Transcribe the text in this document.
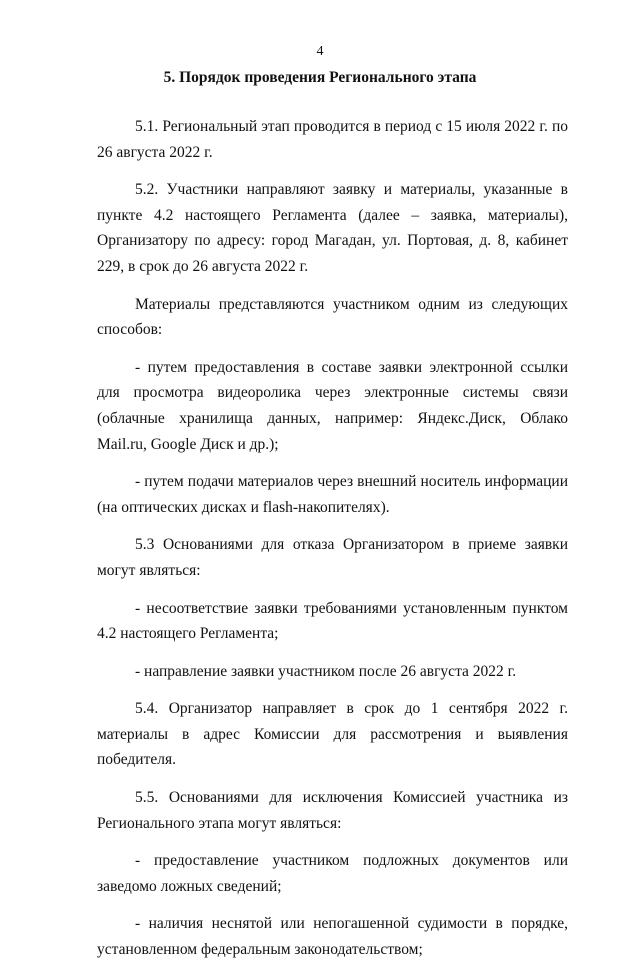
4
5. Порядок проведения Регионального этапа

5.1. Региональный этап проводится в период с 15 июля 2022 г. по 26 августа 2022 г.

5.2. Участники направляют заявку и материалы, указанные в пункте 4.2 настоящего Регламента (далее – заявка, материалы), Организатору по адресу: город Магадан, ул. Портовая, д. 8, кабинет 229, в срок до 26 августа 2022 г.

Материалы представляются участником одним из следующих способов:

- путем предоставления в составе заявки электронной ссылки для просмотра видеоролика через электронные системы связи (облачные хранилища данных, например: Яндекс.Диск, Облако Mail.ru, Google Диск и др.);

- путем подачи материалов через внешний носитель информации (на оптических дисках и flash-накопителях).

5.3 Основаниями для отказа Организатором в приеме заявки могут являться:

- несоответствие заявки требованиями установленным пунктом 4.2 настоящего Регламента;

- направление заявки участником после 26 августа 2022 г.

5.4. Организатор направляет в срок до 1 сентября 2022 г. материалы в адрес Комиссии для рассмотрения и выявления победителя.

5.5. Основаниями для исключения Комиссией участника из Регионального этапа могут являться:

- предоставление участником подложных документов или заведомо ложных сведений;

- наличия неснятой или непогашенной судимости в порядке, установленном федеральным законодательством;
